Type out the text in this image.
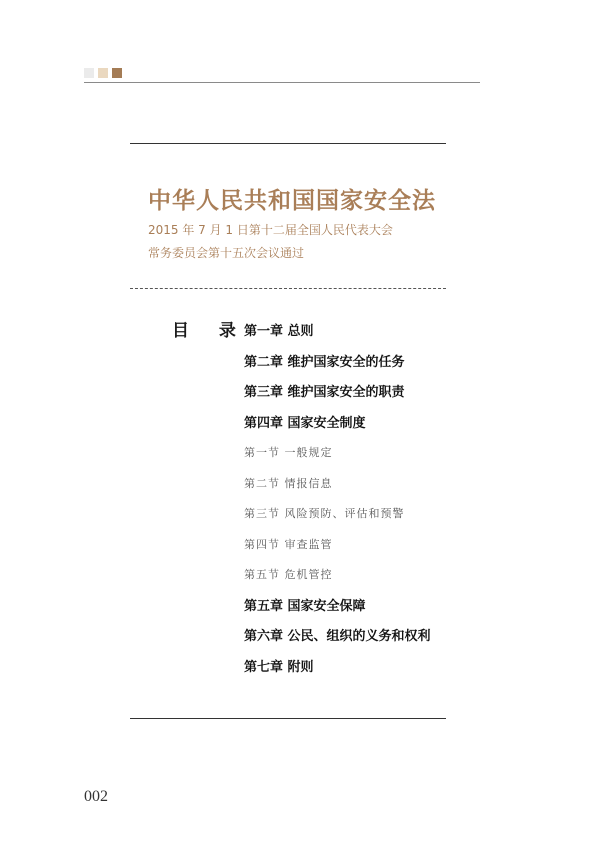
中华人民共和国国家安全法
2015 年 7 月 1 日第十二届全国人民代表大会
常务委员会第十五次会议通过
目 录
第一章 总则
第二章 维护国家安全的任务
第三章 维护国家安全的职责
第四章 国家安全制度
第一节 一般规定
第二节 情报信息
第三节 风险预防、评估和预警
第四节 审查监管
第五节 危机管控
第五章 国家安全保障
第六章 公民、组织的义务和权利
第七章 附则
002
